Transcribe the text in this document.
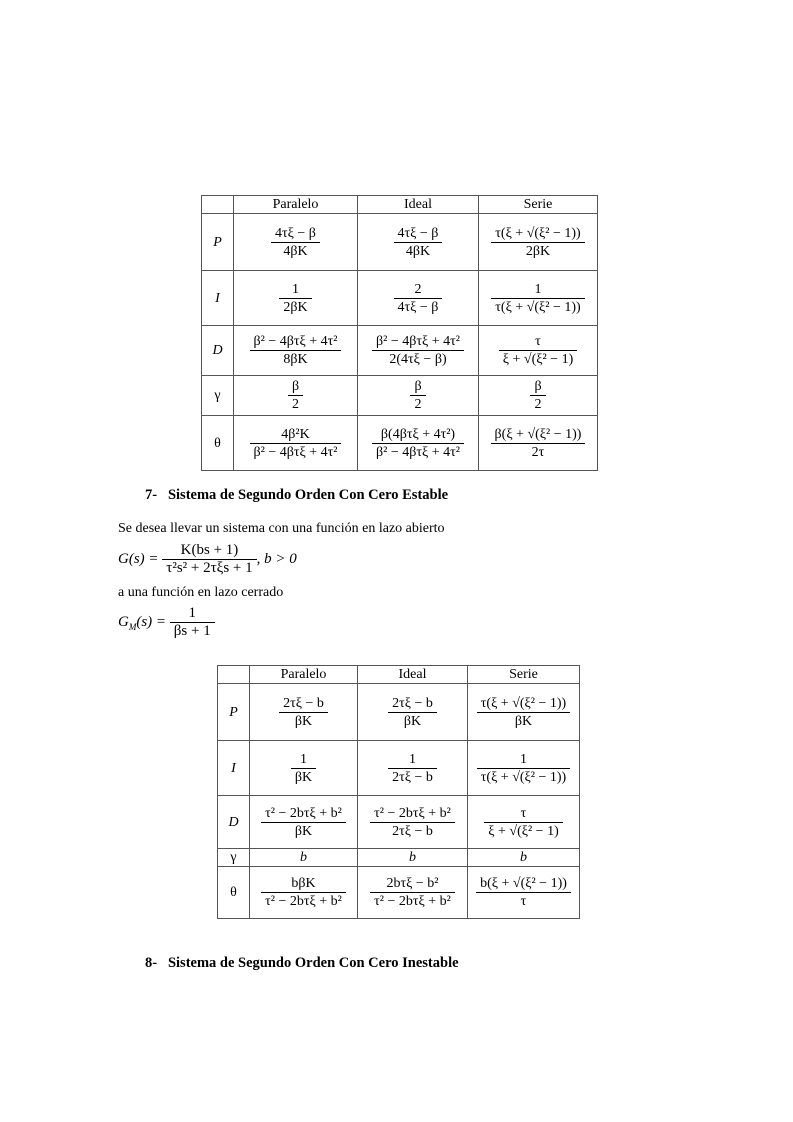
	Paralelo	Ideal	Serie
P	$\frac{4\tau\xi - \beta}{4\beta K}$	$\frac{4\tau\xi - \beta}{4\beta K}$	$\frac{\text{τ(ξ + √(ξ² − 1))}}{2\beta K}$

I	$\frac{1}{2\beta K}$	$\frac{2}{4\tau\xi - \beta}$	$\frac{1}{\text{τ(ξ + √(ξ² − 1))}}$

D	$\frac{\text{β² − 4βτξ + 4τ²}}{8\beta K}$	$\frac{\text{β² − 4βτξ + 4τ²}}{2(4\tau\xi - \beta)}$	$\frac{\tau}{\text{ξ + √(ξ² − 1)}}$

γ	$\frac{\beta}{2}$	$\frac{\beta}{2}$	$\frac{\beta}{2}$

θ	$\frac{\text{4β²K}}{\text{β² − 4βτξ + 4τ²}}$	$\frac{\text{β(4βτξ + 4τ²)}}{\text{β² − 4βτξ + 4τ²}}$	$\frac{\text{β(ξ + √(ξ² − 1))}}{2\tau}$
7- Sistema de Segundo Orden Con Cero Estable
Se desea llevar un sistema con una función en lazo abierto
$G(s) = \frac{K(bs + 1)}{\text{τ²s² + 2τξs + 1}}$ , b > 0
a una función en lazo cerrado
$G_M(s) = \frac{1}{\beta s + 1}$
	Paralelo	Ideal	Serie
P	$\frac{2\tau\xi - b}{\beta K}$	$\frac{2\tau\xi - b}{\beta K}$	$\frac{\text{τ(ξ + √(ξ² − 1))}}{\beta K}$

I	$\frac{1}{\beta K}$	$\frac{1}{2\tau\xi - b}$	$\frac{1}{\text{τ(ξ + √(ξ² − 1))}}$

D	$\frac{\text{τ² − 2bτξ + b²}}{\beta K}$	$\frac{\text{τ² − 2bτξ + b²}}{2\tau\xi - b}$	$\frac{\tau}{\text{ξ + √(ξ² − 1)}}$

γ	b	b	b
θ	$\frac{\text{bβK}}{\text{τ² − 2bτξ + b²}}$	$\frac{\text{2bτξ − b²}}{\text{τ² − 2bτξ + b²}}$	$\frac{\text{b(ξ + √(ξ² − 1))}}{\tau}$
8- Sistema de Segundo Orden Con Cero Inestable
